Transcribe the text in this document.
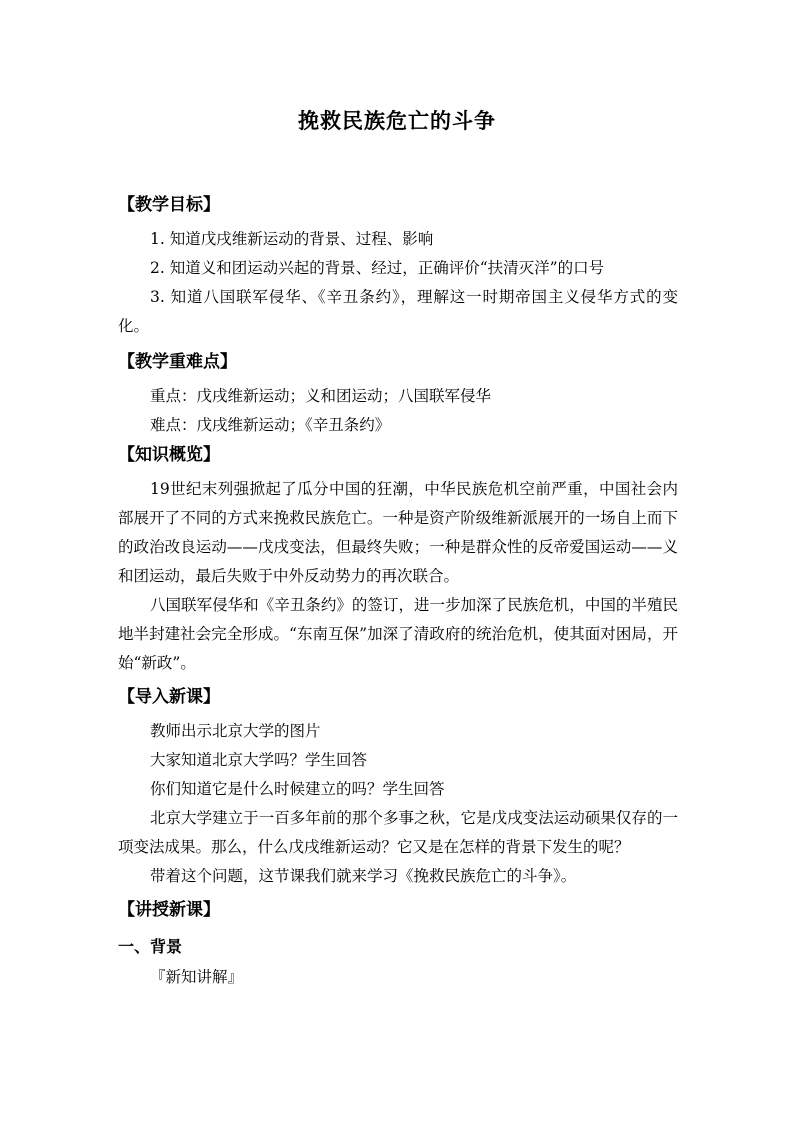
挽救民族危亡的斗争
【教学目标】

1. 知道戊戌维新运动的背景、过程、影响

2. 知道义和团运动兴起的背景、经过，正确评价“扶清灭洋”的口号

3. 知道八国联军侵华、《辛丑条约》，理解这一时期帝国主义侵华方式的变化。

【教学重难点】

重点：戊戌维新运动；义和团运动；八国联军侵华

难点：戊戌维新运动；《辛丑条约》

【知识概览】

19世纪末列强掀起了瓜分中国的狂潮，中华民族危机空前严重，中国社会内部展开了不同的方式来挽救民族危亡。一种是资产阶级维新派展开的一场自上而下的政治改良运动——戊戌变法，但最终失败；一种是群众性的反帝爱国运动——义和团运动，最后失败于中外反动势力的再次联合。

八国联军侵华和《辛丑条约》的签订，进一步加深了民族危机，中国的半殖民地半封建社会完全形成。“东南互保”加深了清政府的统治危机，使其面对困局，开始“新政”。

【导入新课】

教师出示北京大学的图片

大家知道北京大学吗？学生回答

你们知道它是什么时候建立的吗？学生回答

北京大学建立于一百多年前的那个多事之秋，它是戊戌变法运动硕果仅存的一项变法成果。那么，什么戊戌维新运动？它又是在怎样的背景下发生的呢？

带着这个问题，这节课我们就来学习《挽救民族危亡的斗争》。

【讲授新课】
一、背景

『新知讲解』
